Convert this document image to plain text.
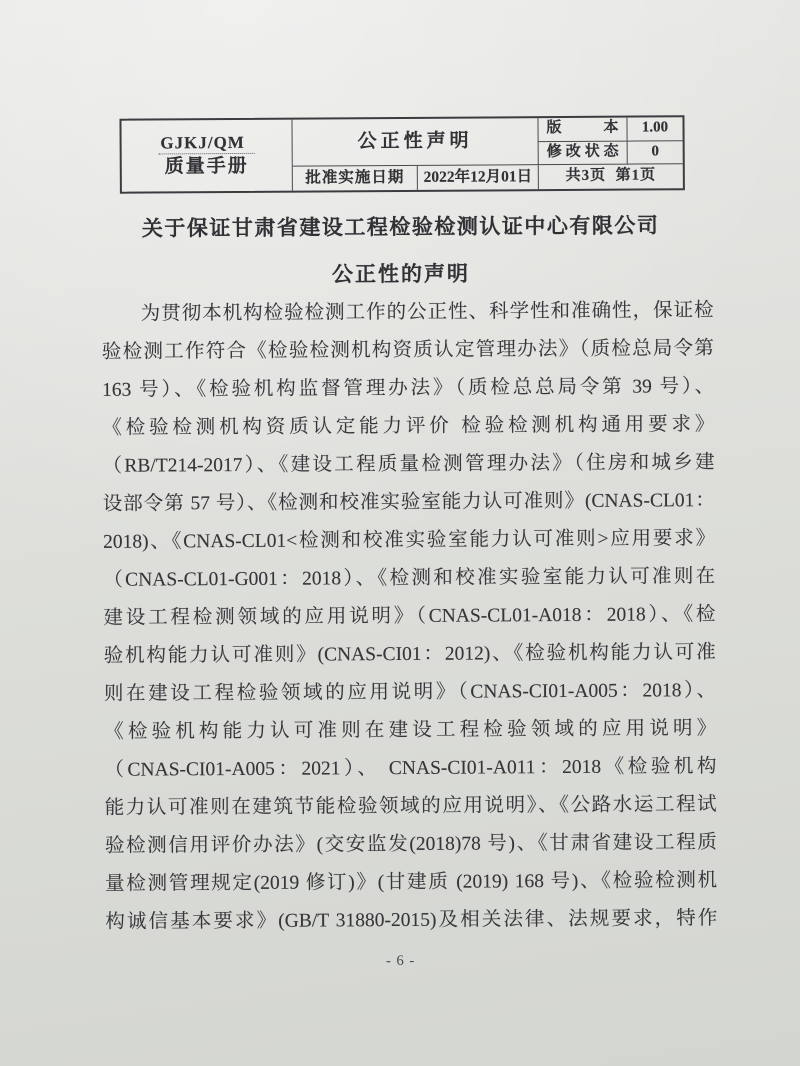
GJKJ/QM
质量手册
公正性声明
批准实施日期	2022年12月01日
版本	1.00
修改状态	0
共3页  第1页
关于保证甘肃省建设工程检验检测认证中心有限公司
公正性的声明
为贯彻本机构检验检测工作的公正性、科学性和准确性，保证检
验检测工作符合《检验检测机构资质认定管理办法》（质检总局令第
163 号）、《检验机构监督管理办法》（质检总总局令第 39 号）、
《检验检测机构资质认定能力评价 检验检测机构通用要求》
（RB/T214-2017）、《建设工程质量检测管理办法》（住房和城乡建
设部令第 57 号）、《检测和校准实验室能力认可准则》(CNAS-CL01：
2018)、《CNAS-CL01<检测和校准实验室能力认可准则>应用要求》
（CNAS-CL01-G001：2018）、《检测和校准实验室能力认可准则在
建设工程检测领域的应用说明》（CNAS-CL01-A018：2018）、《检
验机构能力认可准则》(CNAS-CI01：2012)、《检验机构能力认可准
则在建设工程检验领域的应用说明》（CNAS-CI01-A005：2018）、
《检验机构能力认可准则在建设工程检验领域的应用说明》
（CNAS-CI01-A005：2021）、 CNAS-CI01-A011：2018《检验机构
能力认可准则在建筑节能检验领域的应用说明》、《公路水运工程试
验检测信用评价办法》(交安监发(2018)78 号)、《甘肃省建设工程质
量检测管理规定(2019 修订)》(甘建质 (2019) 168 号)、《检验检测机
构诚信基本要求》(GB/T 31880-2015)及相关法律、法规要求，特作
- 6 -
